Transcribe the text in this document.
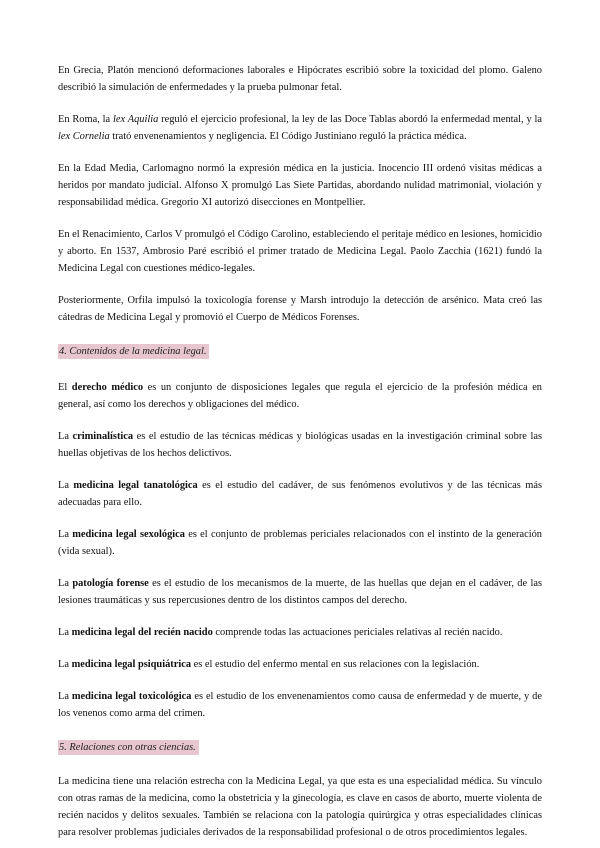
En Grecia, Platón mencionó deformaciones laborales e Hipócrates escribió sobre la toxicidad del plomo. Galeno describió la simulación de enfermedades y la prueba pulmonar fetal.

En Roma, la lex Aquilia reguló el ejercicio profesional, la ley de las Doce Tablas abordó la enfermedad mental, y la lex Cornelia trató envenenamientos y negligencia. El Código Justiniano reguló la práctica médica.

En la Edad Media, Carlomagno normó la expresión médica en la justicia. Inocencio III ordenó visitas médicas a heridos por mandato judicial. Alfonso X promulgó Las Siete Partidas, abordando nulidad matrimonial, violación y responsabilidad médica. Gregorio XI autorizó disecciones en Montpellier.

En el Renacimiento, Carlos V promulgó el Código Carolino, estableciendo el peritaje médico en lesiones, homicidio y aborto. En 1537, Ambrosio Paré escribió el primer tratado de Medicina Legal. Paolo Zacchia (1621) fundó la Medicina Legal con cuestiones médico-legales.

Posteriormente, Orfila impulsó la toxicología forense y Marsh introdujo la detección de arsénico. Mata creó las cátedras de Medicina Legal y promovió el Cuerpo de Médicos Forenses.

4. Contenidos de la medicina legal.

El derecho médico es un conjunto de disposiciones legales que regula el ejercicio de la profesión médica en general, así como los derechos y obligaciones del médico.

La criminalística es el estudio de las técnicas médicas y biológicas usadas en la investigación criminal sobre las huellas objetivas de los hechos delictivos.

La medicina legal tanatológica es el estudio del cadáver, de sus fenómenos evolutivos y de las técnicas más adecuadas para ello.

La medicina legal sexológica es el conjunto de problemas periciales relacionados con el instinto de la generación (vida sexual).

La patología forense es el estudio de los mecanismos de la muerte, de las huellas que dejan en el cadáver, de las lesiones traumáticas y sus repercusiones dentro de los distintos campos del derecho.

La medicina legal del recién nacido comprende todas las actuaciones periciales relativas al recién nacido.

La medicina legal psiquiátrica es el estudio del enfermo mental en sus relaciones con la legislación.

La medicina legal toxicológica es el estudio de los envenenamientos como causa de enfermedad y de muerte, y de los venenos como arma del crimen.

5. Relaciones con otras ciencias.

La medicina tiene una relación estrecha con la Medicina Legal, ya que esta es una especialidad médica. Su vínculo con otras ramas de la medicina, como la obstetricia y la ginecología, es clave en casos de aborto, muerte violenta de recién nacidos y delitos sexuales. También se relaciona con la patología quirúrgica y otras especialidades clínicas para resolver problemas judiciales derivados de la responsabilidad profesional o de otros procedimientos legales.
